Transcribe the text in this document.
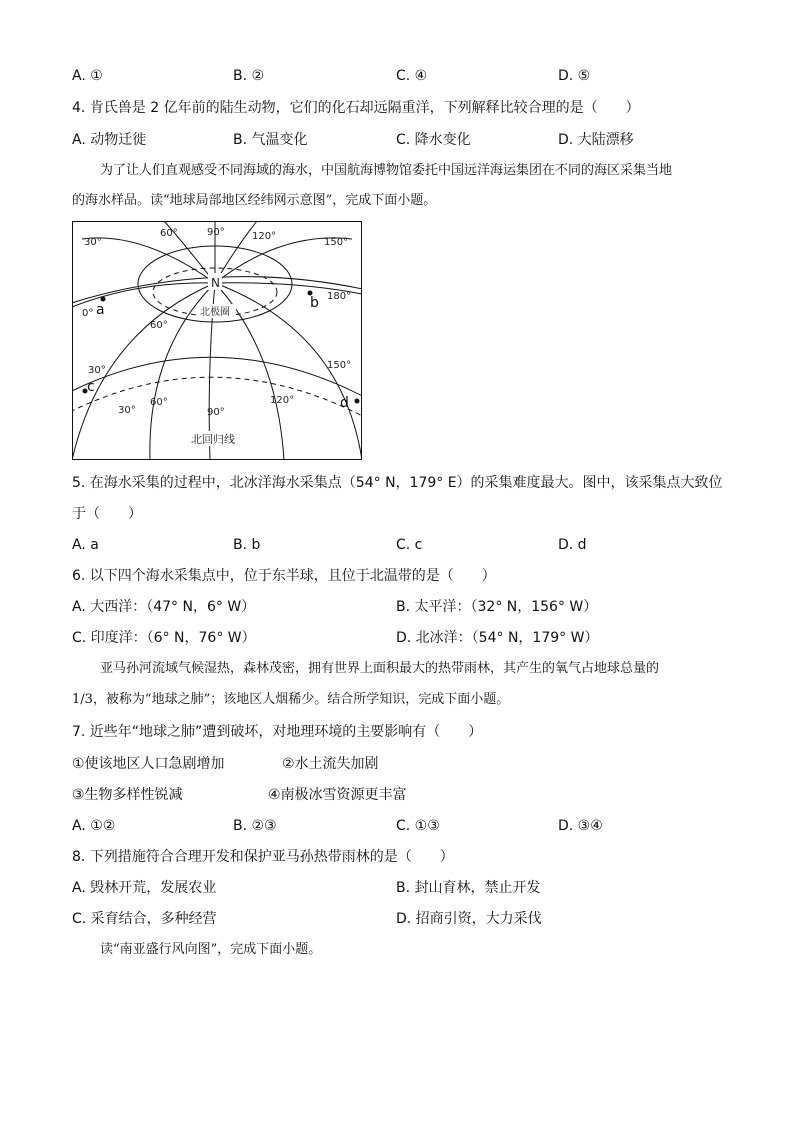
A. ①	B. ②	C. ④	D. ⑤
4. 肯氏兽是 2 亿年前的陆生动物，它们的化石却远隔重洋，下列解释比较合理的是（　　）
A. 动物迁徙	B. 气温变化	C. 降水变化	D. 大陆漂移
为了让人们直观感受不同海域的海水，中国航海博物馆委托中国远洋海运集团在不同的海区采集当地
的海水样品。读“地球局部地区经纬网示意图”，完成下面小题。
30°
60°	90°	120°
150°
0°
180°
60°
150°
30°
30°
60°
90°
120°
N
北极圈
北回归线
a	b
c
d
5. 在海水采集的过程中，北冰洋海水采集点（54° N，179° E）的采集难度最大。图中，该采集点大致位
于（　　）
A. a	B. b	C. c	D. d
6. 以下四个海水采集点中，位于东半球，且位于北温带的是（　　）
A. 大西洋：（47° N，6° W）	B. 太平洋：（32° N，156° W）
C. 印度洋：（6° N，76° W）	D. 北冰洋：（54° N，179° W）
亚马孙河流域气候湿热，森林茂密，拥有世界上面积最大的热带雨林，其产生的氧气占地球总量的
1/3，被称为“地球之肺”；该地区人烟稀少。结合所学知识，完成下面小题。
7. 近些年“地球之肺”遭到破坏，对地理环境的主要影响有（　　）
①使该地区人口急剧增加	②水土流失加剧
③生物多样性锐减	④南极冰雪资源更丰富
A. ①②	B. ②③	C. ①③	D. ③④
8. 下列措施符合合理开发和保护亚马孙热带雨林的是（　　）
A. 毁林开荒，发展农业	B. 封山育林，禁止开发
C. 采育结合，多种经营	D. 招商引资，大力采伐
读“南亚盛行风向图”，完成下面小题。
